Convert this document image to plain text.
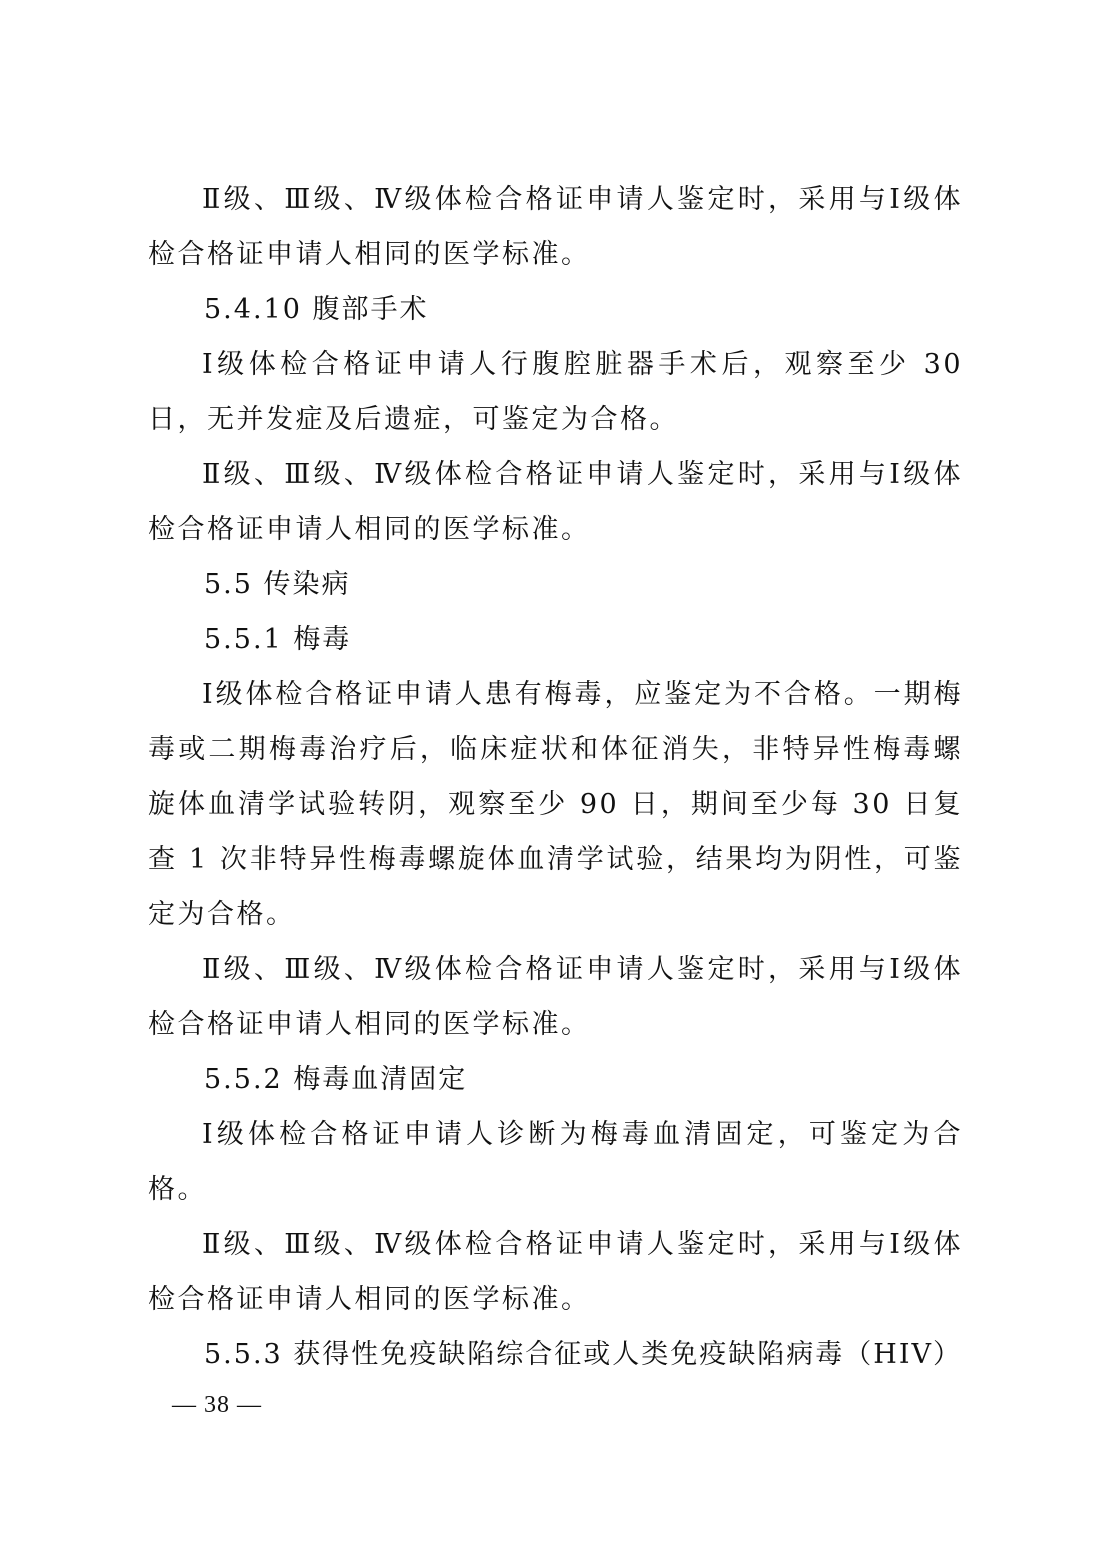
Ⅱ级、Ⅲ级、Ⅳ级体检合格证申请人鉴定时，采用与Ⅰ级体检合格证申请人相同的医学标准。

5.4.10 腹部手术

Ⅰ级体检合格证申请人行腹腔脏器手术后，观察至少 30 日，无并发症及后遗症，可鉴定为合格。

Ⅱ级、Ⅲ级、Ⅳ级体检合格证申请人鉴定时，采用与Ⅰ级体检合格证申请人相同的医学标准。

5.5 传染病

5.5.1 梅毒

Ⅰ级体检合格证申请人患有梅毒，应鉴定为不合格。一期梅毒或二期梅毒治疗后，临床症状和体征消失，非特异性梅毒螺旋体血清学试验转阴，观察至少 90 日，期间至少每 30 日复查 1 次非特异性梅毒螺旋体血清学试验，结果均为阴性，可鉴定为合格。

Ⅱ级、Ⅲ级、Ⅳ级体检合格证申请人鉴定时，采用与Ⅰ级体检合格证申请人相同的医学标准。

5.5.2 梅毒血清固定

Ⅰ级体检合格证申请人诊断为梅毒血清固定，可鉴定为合格。

Ⅱ级、Ⅲ级、Ⅳ级体检合格证申请人鉴定时，采用与Ⅰ级体检合格证申请人相同的医学标准。

5.5.3 获得性免疫缺陷综合征或人类免疫缺陷病毒（HIV）

— 38 —
